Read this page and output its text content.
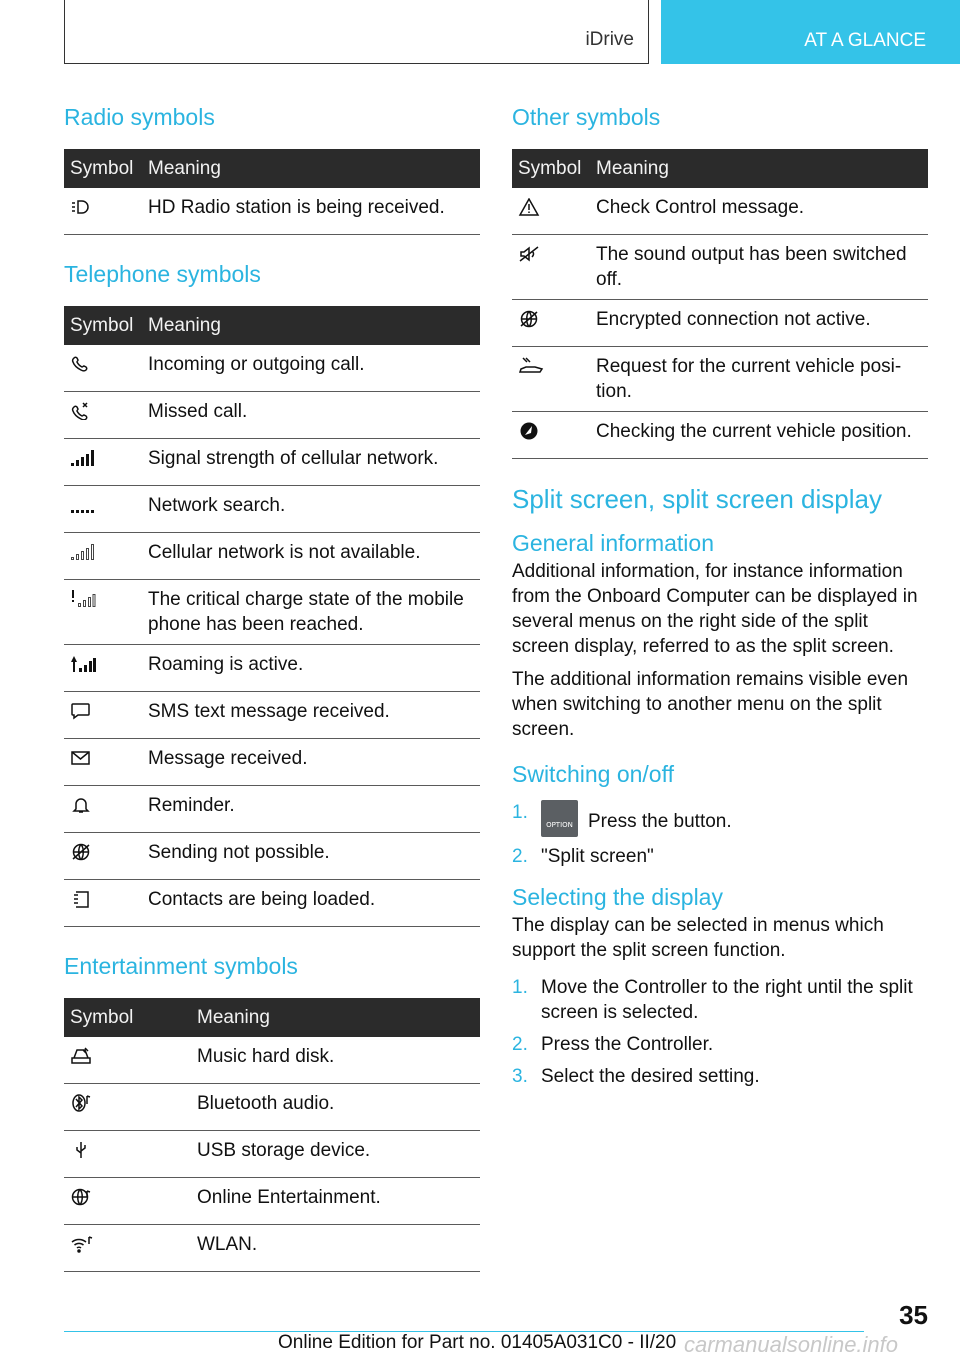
iDrive	AT A GLANCE
Radio symbols
Symbol	Meaning

	HD Radio station is being received.
Telephone symbols
Symbol	Meaning

	Incoming or outgoing call.

	Missed call.

	Signal strength of cellular network.

	Network search.

	Cellular network is not available.

	The critical charge state of the mobile phone has been reached.

	Roaming is active.

	SMS text message received.

	Message received.

	Reminder.

	Sending not possible.

	Contacts are being loaded.
Entertainment symbols
Symbol	Meaning

	Music hard disk.

	Bluetooth audio.

	USB storage device.

	Online Entertainment.

	WLAN.
Other symbols
Symbol	Meaning

	Check Control message.

	The sound output has been switched off.

	Encrypted connection not active.

	Request for the current vehicle position.

	Checking the current vehicle position.
Split screen, split screen display
General information

Additional information, for instance information from the Onboard Computer can be displayed in several menus on the right side of the split screen display, referred to as the split screen.

The additional information remains visible even when switching to another menu on the split screen.

Switching on/off
1.
OPTION Press the button.
2. "Split screen"
Selecting the display

The display can be selected in menus which support the split screen function.

1. Move the Controller to the right until the split screen is selected.
2. Press the Controller.
3. Select the desired setting.
35
Online Edition for Part no. 01405A031C0 - II/20 carmanualsonline.info
